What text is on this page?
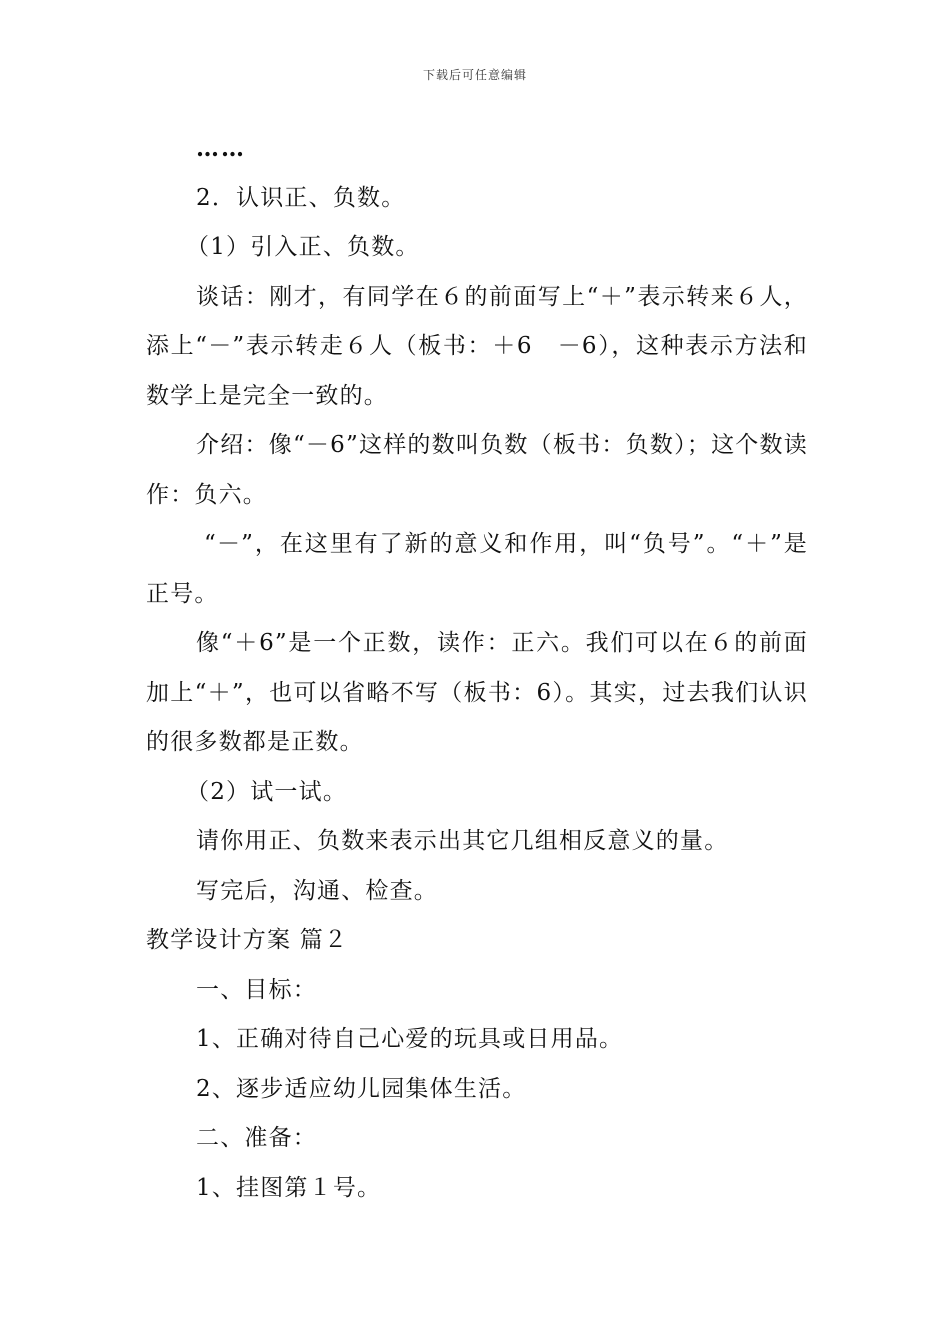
下载后可任意编辑

……

2．认识正、负数。

（1）引入正、负数。

谈话：刚才，有同学在６的前面写上“＋”表示转来６人，添上“－”表示转走６人（板书：＋6　－6），这种表示方法和数学上是完全一致的。

介绍：像“－6”这样的数叫负数（板书：负数）；这个数读作：负六。

“－”，在这里有了新的意义和作用，叫“负号”。“＋”是正号。

像“＋6”是一个正数，读作：正六。我们可以在６的前面加上“＋”，也可以省略不写（板书：6）。其实，过去我们认识的很多数都是正数。

（2）试一试。

请你用正、负数来表示出其它几组相反意义的量。

写完后，沟通、检查。

教学设计方案 篇２

一、目标：

1、正确对待自己心爱的玩具或日用品。

2、逐步适应幼儿园集体生活。

二、准备：

1、挂图第１号。
